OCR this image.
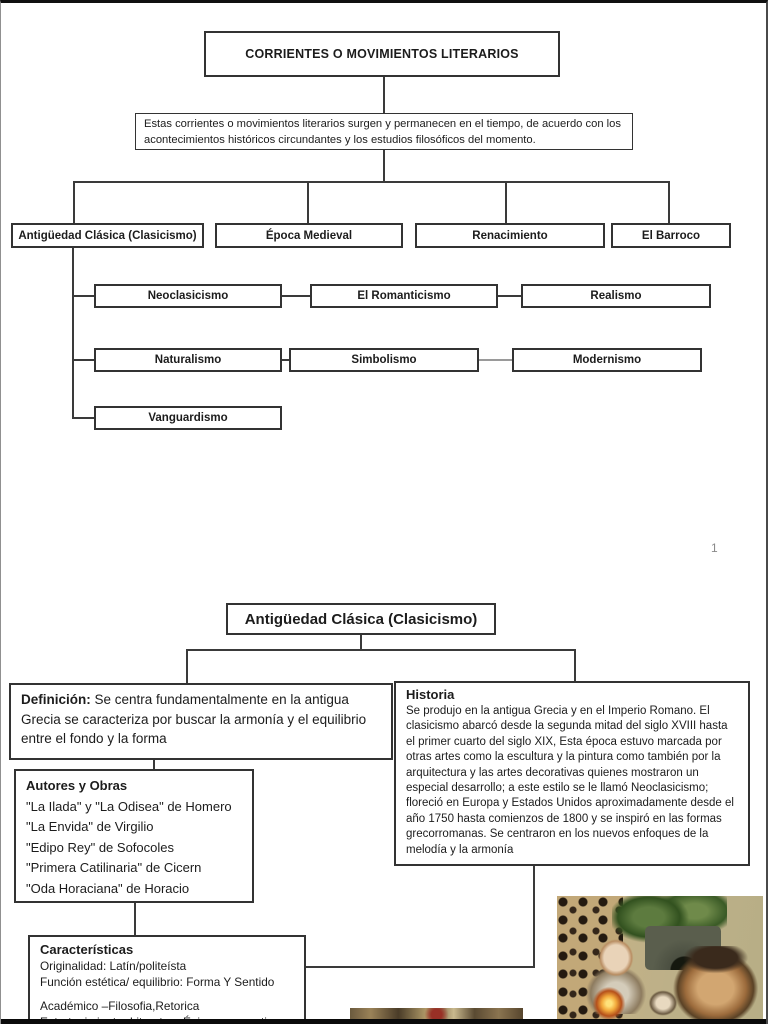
CORRIENTES O MOVIMIENTOS LITERARIOS
Estas corrientes o movimientos literarios surgen y permanecen en el tiempo, de acuerdo con los acontecimientos históricos circundantes y los estudios filosóficos del momento.
Antigüedad Clásica (Clasicismo)	Época Medieval	Renacimiento	El Barroco
Neoclasicismo	El Romanticismo	Realismo
Naturalismo	Simbolismo	Modernismo
Vanguardismo
1
Antigüedad Clásica (Clasicismo)
Definición: Se centra fundamentalmente en la antigua Grecia se caracteriza por buscar la armonía y el equilibrio entre el fondo y la forma
Historia

Se produjo en la antigua Grecia y en el Imperio Romano. El clasicismo abarcó desde la segunda mitad del siglo XVIII hasta el primer cuarto del siglo XIX, Esta época estuvo marcada por otras artes como la escultura y la pintura como también por la arquitectura y las artes decorativas quienes mostraron un especial desarrollo; a este estilo se le llamó Neoclasicismo; floreció en Europa y Estados Unidos aproximadamente desde el año 1750 hasta comienzos de 1800 y se inspiró en las formas grecorromanas. Se centraron en los nuevos enfoques de la melodía y la armonía

Autores y Obras
"La Ilada" y "La Odisea" de Homero
"La Envida" de Virgilio
"Edipo Rey" de Sofocoles
"Primera Catilinaria" de Cicern
"Oda Horaciana" de Horacio
Características
Originalidad: Latín/politeísta
Función estética/ equilibrio: Forma Y Sentido
Académico –Filosofia,Retorica
